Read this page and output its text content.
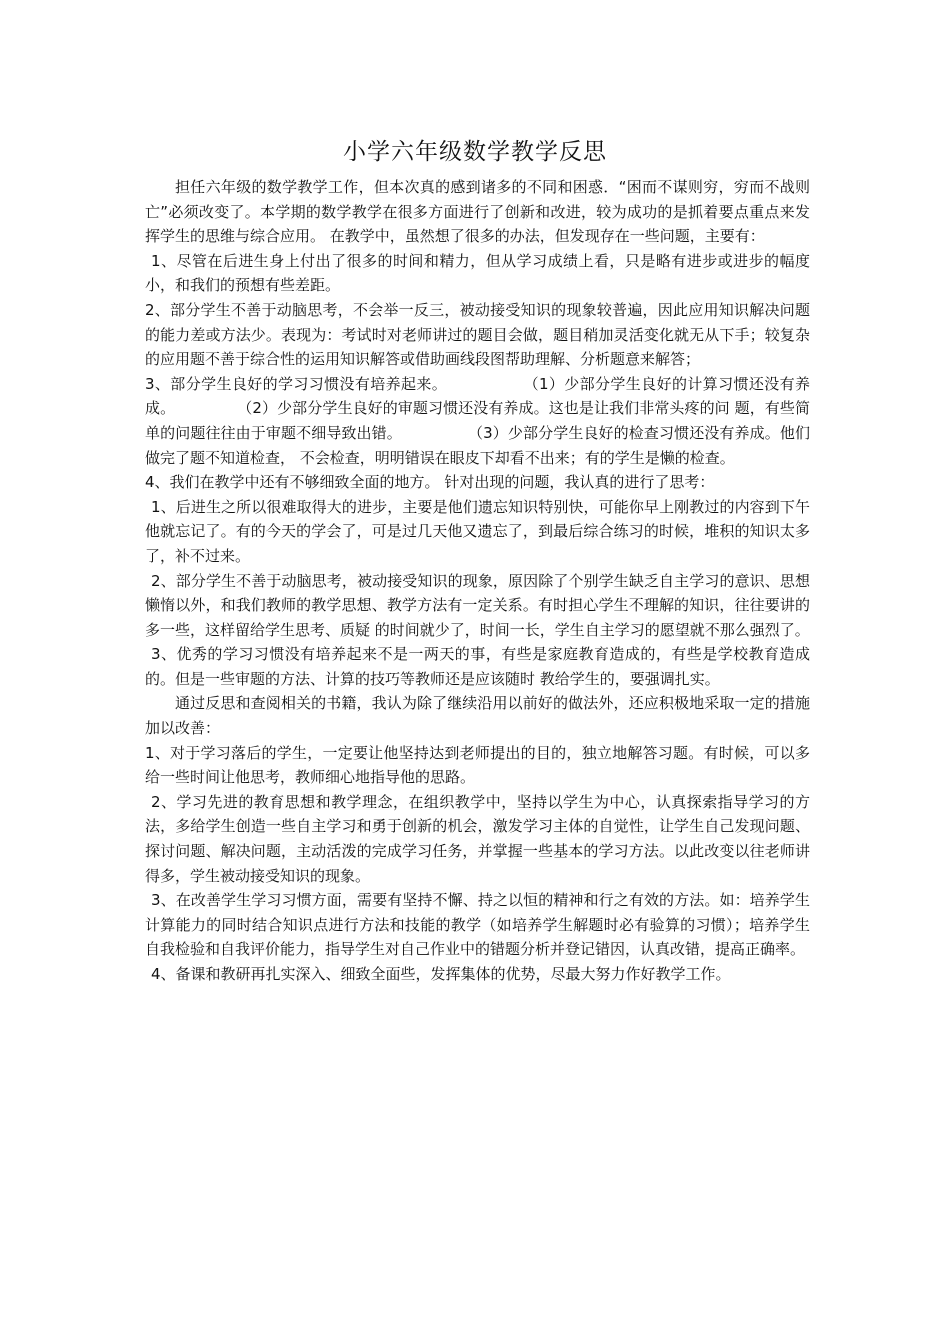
小学六年级数学教学反思

担任六年级的数学教学工作，但本次真的感到诸多的不同和困惑．“困而不谋则穷，穷而不战则亡”必须改变了。本学期的数学教学在很多方面进行了创新和改进，较为成功的是抓着要点重点来发挥学生的思维与综合应用。 在教学中，虽然想了很多的办法，但发现存在一些问题，主要有：

1、尽管在后进生身上付出了很多的时间和精力，但从学习成绩上看，只是略有进步或进步的幅度小，和我们的预想有些差距。

2、部分学生不善于动脑思考，不会举一反三，被动接受知识的现象较普遍，因此应用知识解决问题的能力差或方法少。表现为：考试时对老师讲过的题目会做，题目稍加灵活变化就无从下手；较复杂的应用题不善于综合性的运用知识解答或借助画线段图帮助理解、分析题意来解答；

3、部分学生良好的学习习惯没有培养起来。	（1）少部分学生良好的计算习惯还没有养成。	（2）少部分学生良好的审题习惯还没有养成。这也是让我们非常头疼的问 题，有些简单的问题往往由于审题不细导致出错。	（3）少部分学生良好的检查习惯还没有养成。他们做完了题不知道检查， 不会检查，明明错误在眼皮下却看不出来；有的学生是懒的检查。

4、我们在教学中还有不够细致全面的地方。 针对出现的问题，我认真的进行了思考：

1、后进生之所以很难取得大的进步，主要是他们遗忘知识特别快，可能你早上刚教过的内容到下午他就忘记了。有的今天的学会了，可是过几天他又遗忘了，到最后综合练习的时候，堆积的知识太多了，补不过来。

2、部分学生不善于动脑思考，被动接受知识的现象，原因除了个别学生缺乏自主学习的意识、思想懒惰以外，和我们教师的教学思想、教学方法有一定关系。有时担心学生不理解的知识，往往要讲的多一些，这样留给学生思考、质疑 的时间就少了，时间一长，学生自主学习的愿望就不那么强烈了。

3、优秀的学习习惯没有培养起来不是一两天的事，有些是家庭教育造成的，有些是学校教育造成的。但是一些审题的方法、计算的技巧等教师还是应该随时 教给学生的，要强调扎实。

通过反思和查阅相关的书籍，我认为除了继续沿用以前好的做法外，还应积极地采取一定的措施加以改善：

1、对于学习落后的学生，一定要让他坚持达到老师提出的目的，独立地解答习题。有时候，可以多给一些时间让他思考，教师细心地指导他的思路。

2、学习先进的教育思想和教学理念，在组织教学中，坚持以学生为中心，认真探索指导学习的方法，多给学生创造一些自主学习和勇于创新的机会，激发学习主体的自觉性，让学生自己发现问题、探讨问题、解决问题，主动活泼的完成学习任务，并掌握一些基本的学习方法。以此改变以往老师讲得多，学生被动接受知识的现象。

3、在改善学生学习习惯方面，需要有坚持不懈、持之以恒的精神和行之有效的方法。如：培养学生计算能力的同时结合知识点进行方法和技能的教学（如培养学生解题时必有验算的习惯）；培养学生自我检验和自我评价能力，指导学生对自己作业中的错题分析并登记错因，认真改错，提高正确率。

4、备课和教研再扎实深入、细致全面些，发挥集体的优势，尽最大努力作好教学工作。
